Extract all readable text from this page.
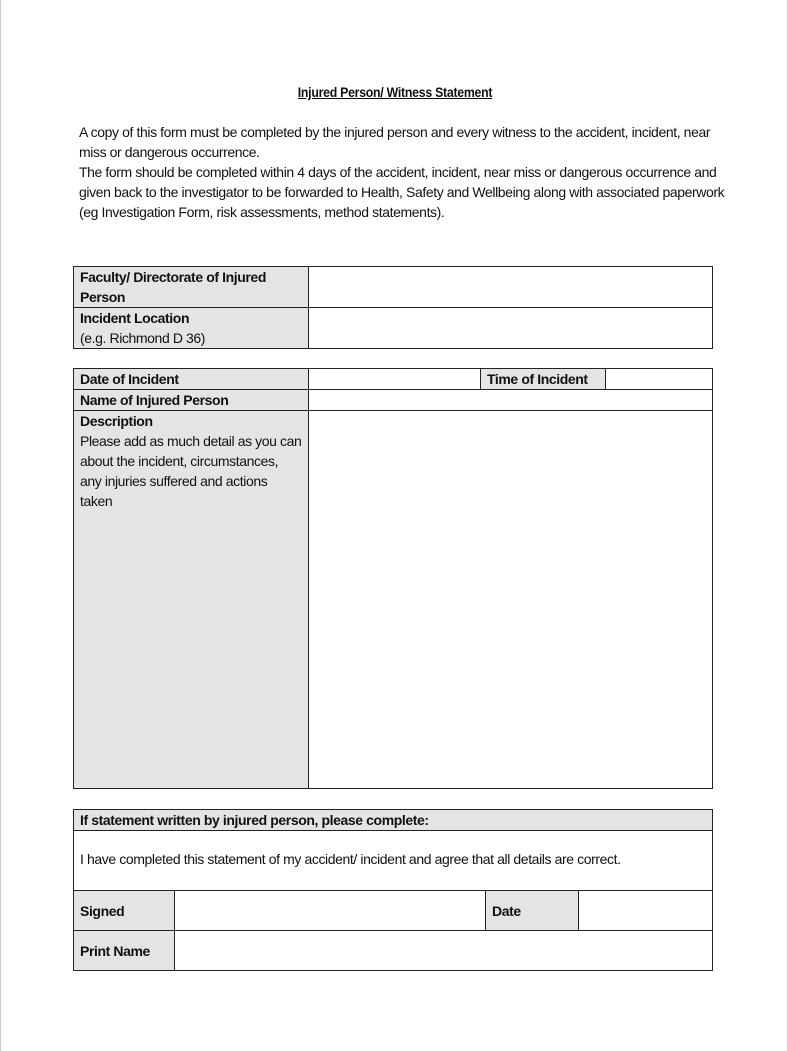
Injured Person/ Witness Statement

A copy of this form must be completed by the injured person and every witness to the accident, incident, near miss or dangerous occurrence.

The form should be completed within 4 days of the accident, incident, near miss or dangerous occurrence and given back to the investigator to be forwarded to Health, Safety and Wellbeing along with associated paperwork (eg Investigation Form, risk assessments, method statements).

Faculty/ Directorate of Injured Person	

Incident Location
(e.g. Richmond D 36)	

Date of Incident		Time of Incident	
Name of Injured Person			

Description
Please add as much detail as you can about the incident, circumstances, any injuries suffered and actions taken			

If statement written by injured person, please complete:			
I have completed this statement of my accident/ incident and agree that all details are correct.			
Signed		Date	
Print Name			
